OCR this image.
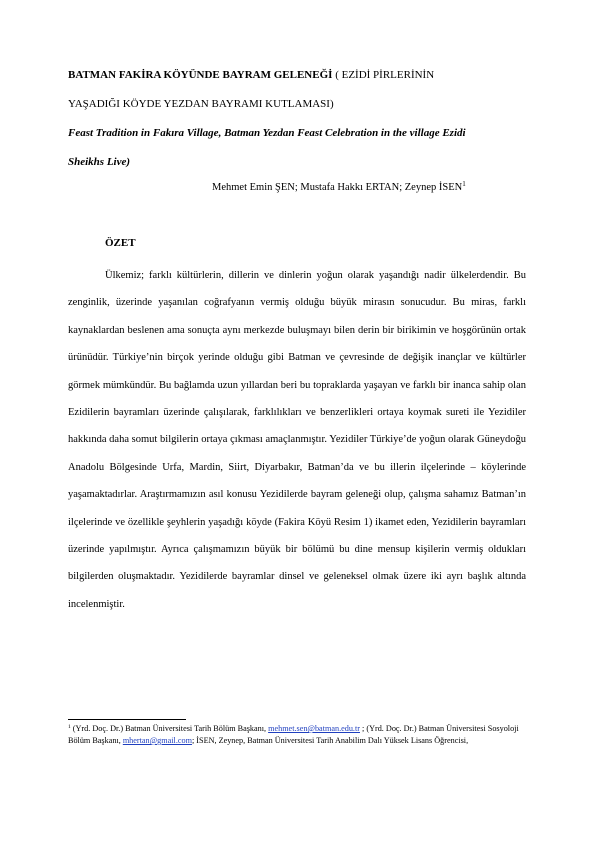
BATMAN FAKİRA KÖYÜNDE BAYRAM GELENEĞİ ( EZİDİ PİRLERİNİN
YAŞADIĞI KÖYDE YEZDAN BAYRAMI KUTLAMASI)
Feast Tradition in Fakıra Village, Batman Yezdan Feast Celebration in the village Ezidi
Sheikhs Live)
Mehmet Emin ŞEN; Mustafa Hakkı ERTAN; Zeynep İSEN$^1$
ÖZET

Ülkemiz; farklı kültürlerin, dillerin ve dinlerin yoğun olarak yaşandığı nadir ülkelerdendir. Bu zenginlik, üzerinde yaşanılan coğrafyanın vermiş olduğu büyük mirasın sonucudur. Bu miras, farklı kaynaklardan beslenen ama sonuçta aynı merkezde buluşmayı bilen derin bir birikimin ve hoşgörünün ortak ürünüdür. Türkiye’nin birçok yerinde olduğu gibi Batman ve çevresinde de değişik inançlar ve kültürler görmek mümkündür. Bu bağlamda uzun yıllardan beri bu topraklarda yaşayan ve farklı bir inanca sahip olan Ezidilerin bayramları üzerinde çalışılarak, farklılıkları ve benzerlikleri ortaya koymak sureti ile Yezidiler hakkında daha somut bilgilerin ortaya çıkması amaçlanmıştır. Yezidiler Türkiye’de yoğun olarak Güneydoğu Anadolu Bölgesinde Urfa, Mardin, Siirt, Diyarbakır, Batman’da ve bu illerin ilçelerinde – köylerinde yaşamaktadırlar. Araştırmamızın asıl konusu Yezidilerde bayram geleneği olup, çalışma sahamız Batman’ın ilçelerinde ve özellikle şeyhlerin yaşadığı köyde (Fakira Köyü Resim 1) ikamet eden, Yezidilerin bayramları üzerinde yapılmıştır. Ayrıca çalışmamızın büyük bir bölümü bu dine mensup kişilerin vermiş oldukları bilgilerden oluşmaktadır. Yezidilerde bayramlar dinsel ve geleneksel olmak üzere iki ayrı başlık altında incelenmiştir.

$^1$ (Yrd. Doç. Dr.) Batman Üniversitesi Tarih Bölüm Başkanı, mehmet.sen@batman.edu.tr ; (Yrd. Doç. Dr.) Batman Üniversitesi Sosyoloji Bölüm Başkanı, mhertan@gmail.com; İSEN, Zeynep, Batman Üniversitesi Tarih Anabilim Dalı Yüksek Lisans Öğrencisi,
